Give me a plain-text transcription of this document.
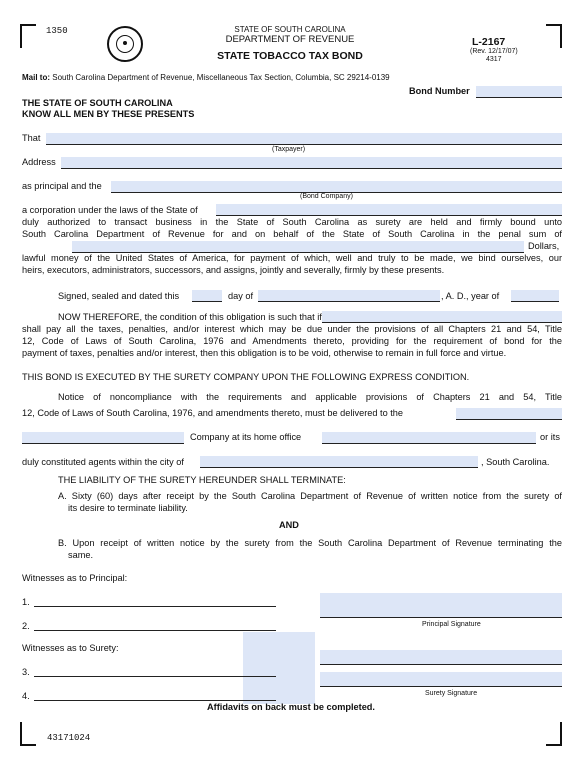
1350
43171024
STATE OF SOUTH CAROLINA
DEPARTMENT OF REVENUE
STATE TOBACCO TAX BOND
L-2167
(Rev. 12/17/07)
4317
Mail to: South Carolina Department of Revenue, Miscellaneous Tax Section, Columbia, SC 29214-0139
Bond Number
THE STATE OF SOUTH CAROLINA
KNOW ALL MEN BY THESE PRESENTS
That
(Taxpayer)
Address
as principal and the
(Bond Company)
a corporation under the laws of the State of
duly authorized to transact business in the State of South Carolina as surety are held and firmly bound unto
South Carolina Department of Revenue for and on behalf of the State of South Carolina in the penal sum of
Dollars,
lawful money of the United States of America, for payment of which, well and truly to be made, we bind ourselves, our
heirs, executors, administrators, successors, and assigns, jointly and severally, firmly by these presents.
Signed, sealed and dated this	day of	, A. D., year of
NOW THEREFORE, the condition of this obligation is such that if
shall pay all the taxes, penalties, and/or interest which may be due under the provisions of all Chapters 21 and 54, Title
12, Code of Laws of South Carolina, 1976 and Amendments thereto, providing for the requirement of bond for the
payment of taxes, penalties and/or interest, then this obligation is to be void, otherwise to remain in full force and virtue.
THIS BOND IS EXECUTED BY THE SURETY COMPANY UPON THE FOLLOWING EXPRESS CONDITION.
Notice of noncompliance with the requirements and applicable provisions of Chapters 21 and 54, Title
12, Code of Laws of South Carolina, 1976, and amendments thereto, must be delivered to the
Company at its home office	or its
duly constituted agents within the city of	, South Carolina.
THE LIABILITY OF THE SURETY HEREUNDER SHALL TERMINATE:
A. Sixty (60) days after receipt by the South Carolina Department of Revenue of written notice from the surety of
its desire to terminate liability.
AND
B. Upon receipt of written notice by the surety from the South Carolina Department of Revenue terminating the
same.
Witnesses as to Principal:
1.
2.	Principal Signature
Witnesses as to Surety:
3.
4.	Surety Signature
Affidavits on back must be completed.
